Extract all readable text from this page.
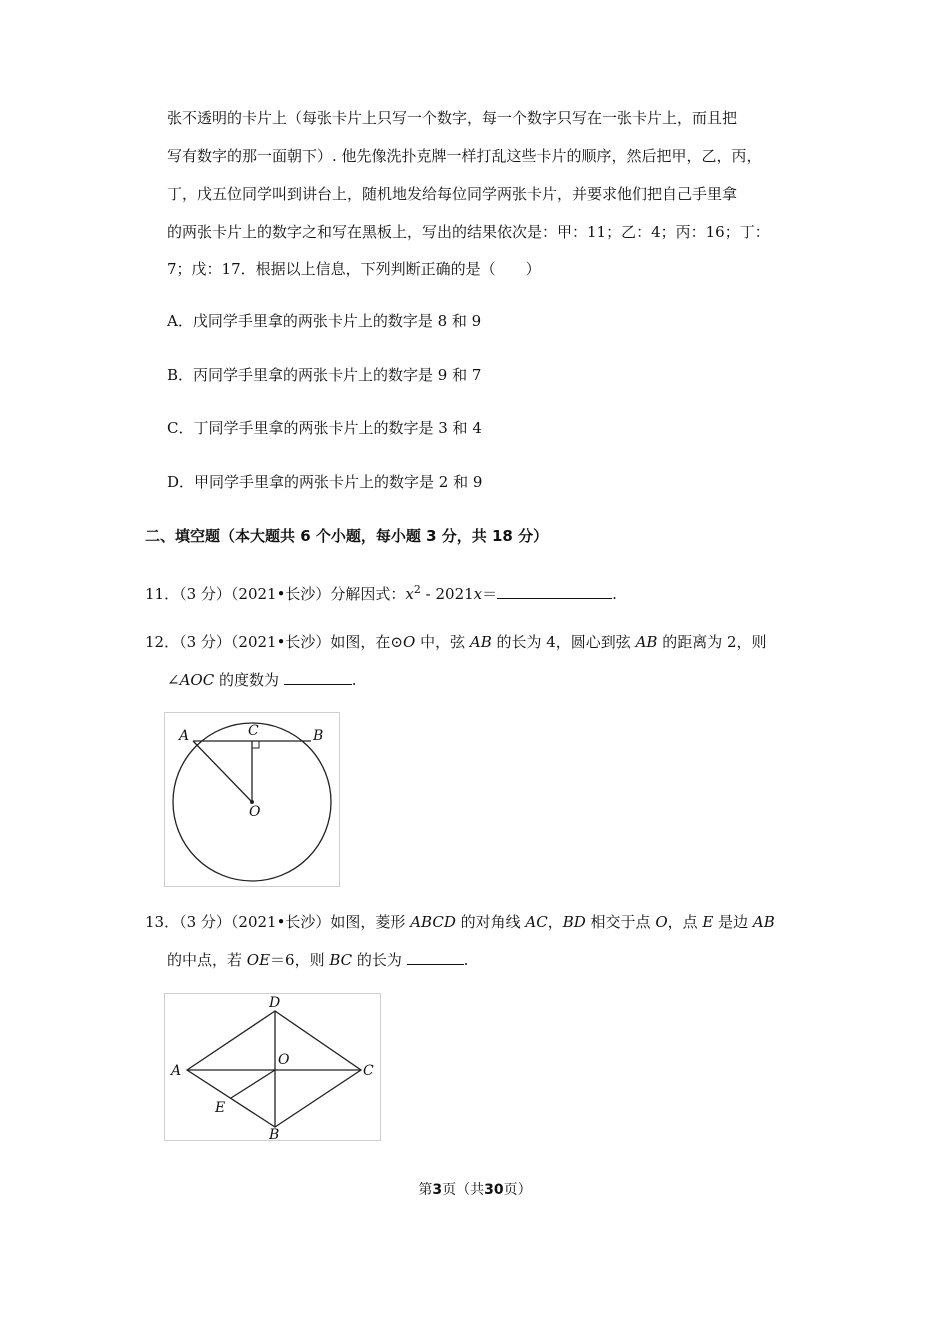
张不透明的卡片上（每张卡片上只写一个数字，每一个数字只写在一张卡片上，而且把
写有数字的那一面朝下）. 他先像洗扑克牌一样打乱这些卡片的顺序，然后把甲，乙，丙，
丁，戊五位同学叫到讲台上，随机地发给每位同学两张卡片，并要求他们把自己手里拿
的两张卡片上的数字之和写在黑板上，写出的结果依次是：甲：11；乙：4；丙：16；丁：
7；戊：17．根据以上信息，下列判断正确的是（　　）
A．戊同学手里拿的两张卡片上的数字是 8 和 9
B．丙同学手里拿的两张卡片上的数字是 9 和 7
C．丁同学手里拿的两张卡片上的数字是 3 和 4
D．甲同学手里拿的两张卡片上的数字是 2 和 9
二、填空题（本大题共 6 个小题，每小题 3 分，共 18 分）
11．（3 分）（2021•长沙）分解因式：$x^2 - 2021x=$	.
12．（3 分）（2021•长沙）如图，在⊙O 中，弦 AB 的长为 4，圆心到弦 AB 的距离为 2，则
∠AOC 的度数为	.
A	C	B
O
13．（3 分）（2021•长沙）如图，菱形 ABCD 的对角线 AC，BD 相交于点 O，点 E 是边 AB
的中点，若 OE＝6，则 BC 的长为	.
A
D
C
B
O
E
第3页（共30页）
